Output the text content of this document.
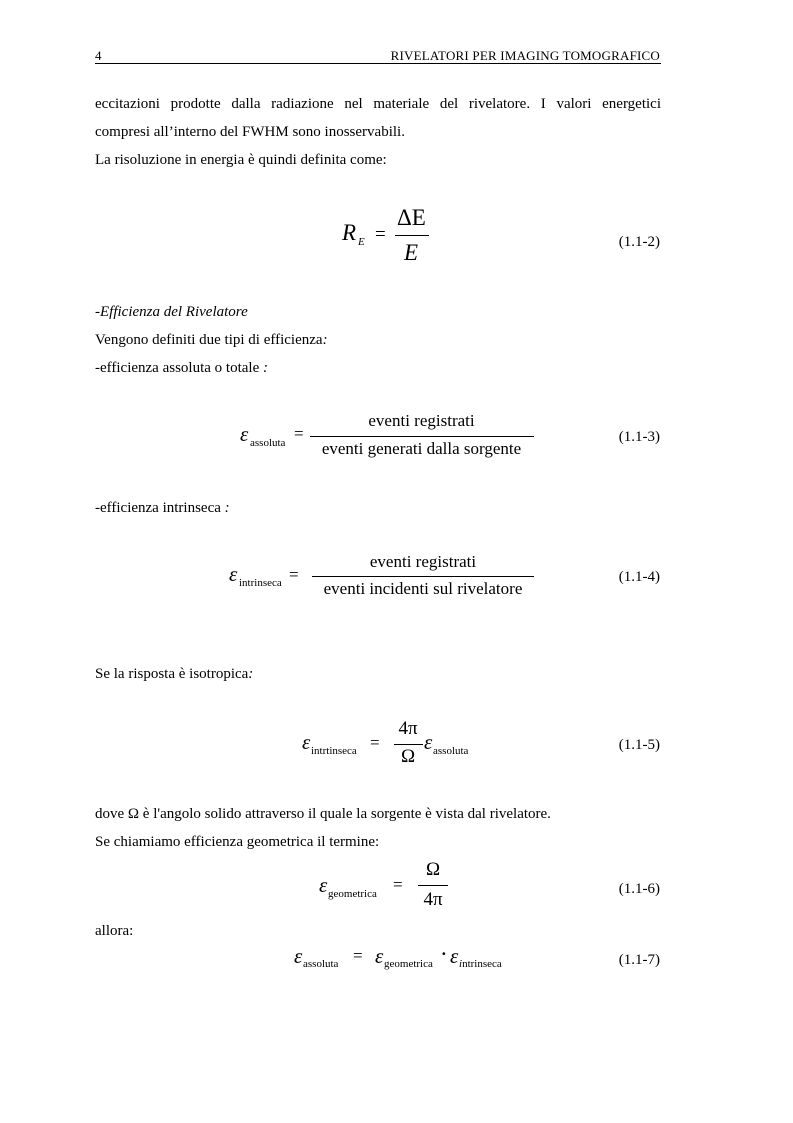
4	RIVELATORI PER IMAGING TOMOGRAFICO
eccitazioni prodotte dalla radiazione nel materiale del rivelatore. I valori energetici
compresi all’interno del FWHM sono inosservabili.
La risoluzione in energia è quindi definita come:
R E =
ΔE
E	(1.1-2)
-Efficienza del Rivelatore
Vengono definiti due tipi di efficienza:
-efficienza assoluta o totale :
ε assoluta =
eventi registrati
eventi generati dalla sorgente
(1.1-3)
-efficienza intrinseca :
ε intrinseca =
eventi registrati
eventi incidenti sul rivelatore
(1.1-4)
Se la risposta è isotropica:
ε intrtinseca =
4π
Ω
ε assoluta	(1.1-5)
dove Ω è l'angolo solido attraverso il quale la sorgente è vista dal rivelatore.
Se chiamiamo efficienza geometrica il termine:
ε geometrica =
Ω
4π	(1.1-6)
allora:
ε assoluta = ε geometrica
· ε intrinseca	(1.1-7)
